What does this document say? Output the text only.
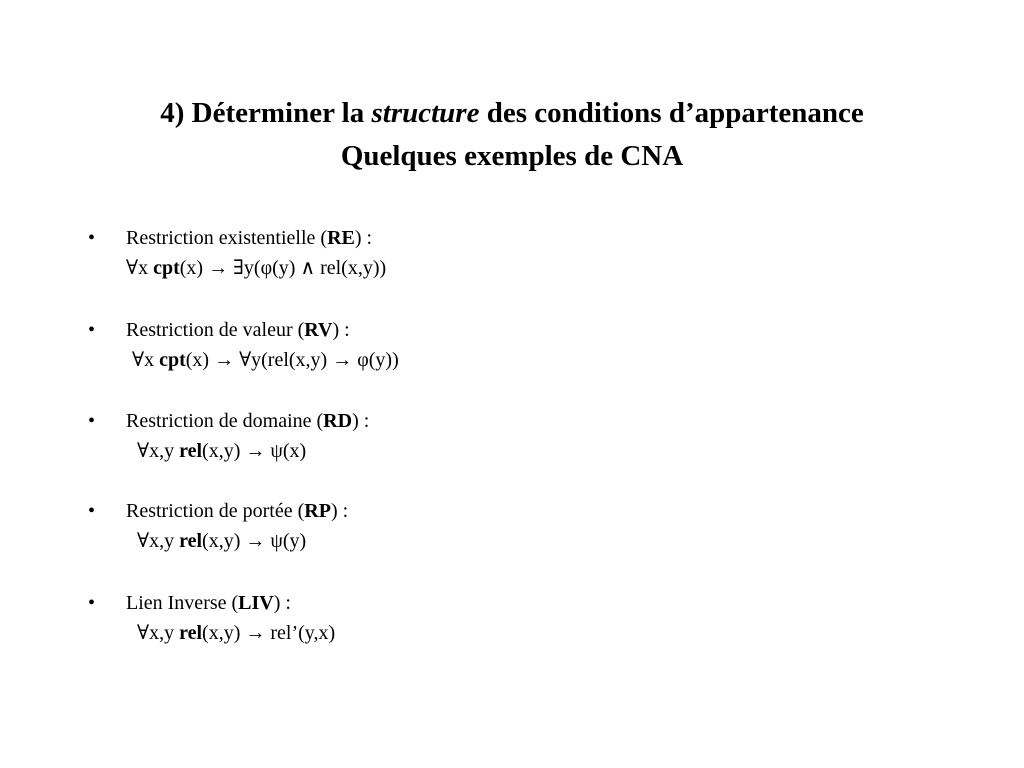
4) Déterminer la structure des conditions d’appartenance
Quelques exemples de CNA
• Restriction existentielle (RE) :
∀x cpt(x) → ∃y(φ(y) ∧ rel(x,y))
• Restriction de valeur (RV) :
∀x cpt(x) → ∀y(rel(x,y) → φ(y))
• Restriction de domaine (RD) :
∀x,y rel(x,y) → ψ(x)
• Restriction de portée (RP) :
∀x,y rel(x,y) → ψ(y)
• Lien Inverse (LIV) :
∀x,y rel(x,y) → rel’(y,x)
